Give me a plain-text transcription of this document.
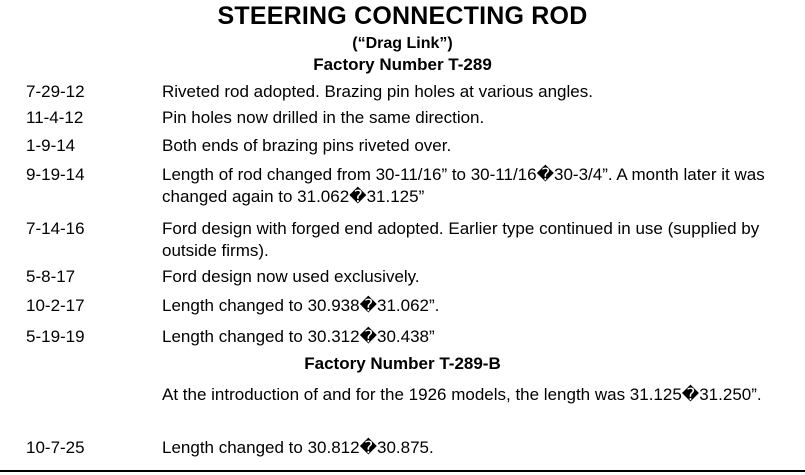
STEERING CONNECTING ROD
(“Drag Link”)
Factory Number T-289
7-29-12	Riveted rod adopted. Brazing pin holes at various angles.
11-4-12	Pin holes now drilled in the same direction.
1-9-14	Both ends of brazing pins riveted over.
9-19-14	Length of rod changed from 30-11/16” to 30-11/16�30-3/4”. A month later it was changed again to 31.062�31.125”
7-14-16	Ford design with forged end adopted. Earlier type continued in use (supplied by outside firms).
5-8-17	Ford design now used exclusively.
10-2-17	Length changed to 30.938�31.062”.
5-19-19	Length changed to 30.312�30.438”
Factory Number T-289-B
At the introduction of and for the 1926 models, the length was 31.125�31.250”.
10-7-25	Length changed to 30.812�30.875.
